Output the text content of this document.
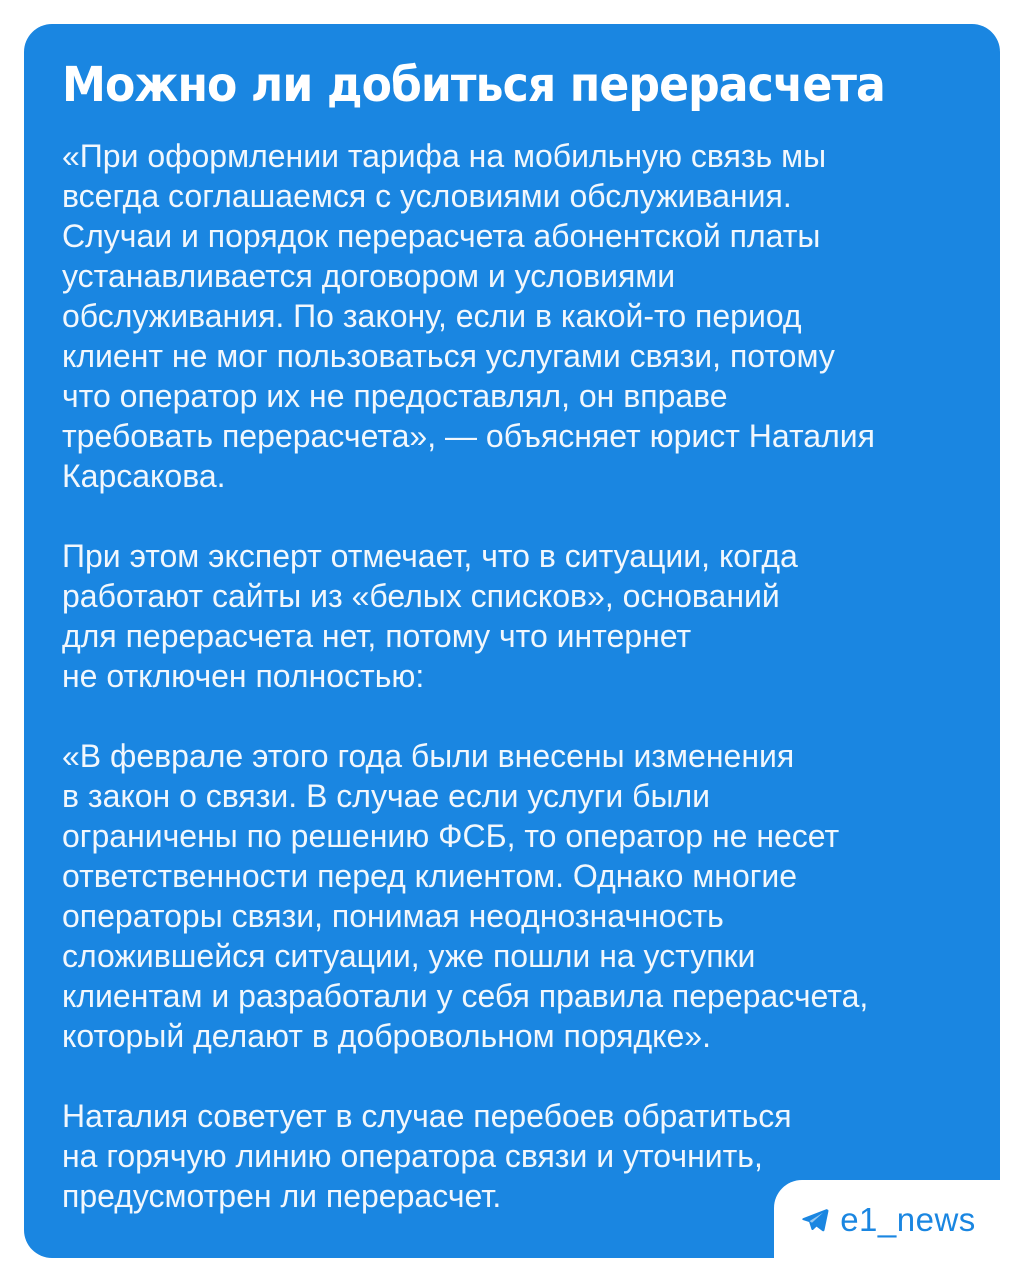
Можно ли добиться перерасчета

«При оформлении тарифа на мобильную связь мы
всегда соглашаемся с условиями обслуживания.
Случаи и порядок перерасчета абонентской платы
устанавливается договором и условиями
обслуживания. По закону, если в какой-то период
клиент не мог пользоваться услугами связи, потому
что оператор их не предоставлял, он вправе
требовать перерасчета», — объясняет юрист Наталия
Карсакова.

При этом эксперт отмечает, что в ситуации, когда
работают сайты из «белых списков», оснований
для перерасчета нет, потому что интернет
не отключен полностью:

«В феврале этого года были внесены изменения
в закон о связи. В случае если услуги были
ограничены по решению ФСБ, то оператор не несет
ответственности перед клиентом. Однако многие
операторы связи, понимая неоднозначность
сложившейся ситуации, уже пошли на уступки
клиентам и разработали у себя правила перерасчета,
который делают в добровольном порядке».

Наталия советует в случае перебоев обратиться
на горячую линию оператора связи и уточнить,
предусмотрен ли перерасчет.

e1_news
